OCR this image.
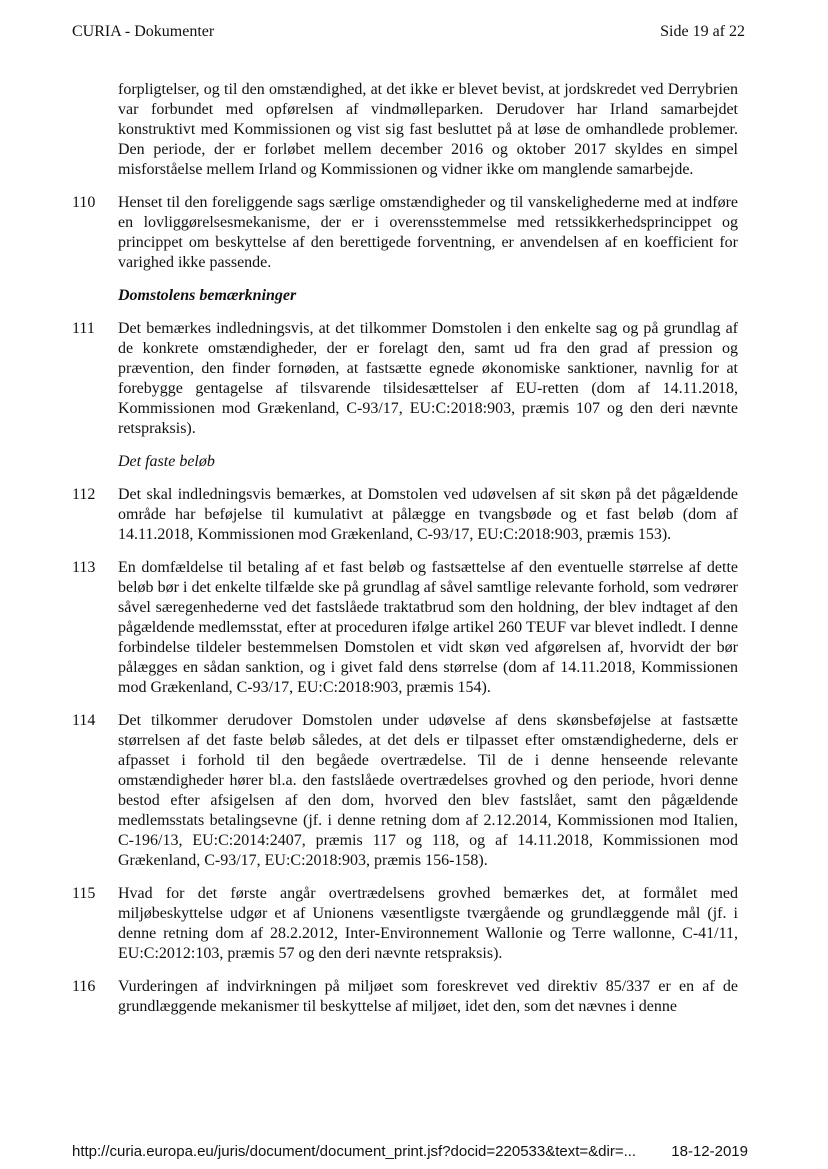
CURIA - Dokumenter	Side 19 af 22

forpligtelser, og til den omstændighed, at det ikke er blevet bevist, at jordskredet ved Derrybrien var forbundet med opførelsen af vindmølleparken. Derudover har Irland samarbejdet konstruktivt med Kommissionen og vist sig fast besluttet på at løse de omhandlede problemer. Den periode, der er forløbet mellem december 2016 og oktober 2017 skyldes en simpel misforståelse mellem Irland og Kommissionen og vidner ikke om manglende samarbejde.

110	Henset til den foreliggende sags særlige omstændigheder og til vanskelighederne med at indføre en lovliggørelsesmekanisme, der er i overensstemmelse med retssikkerhedsprincippet og princippet om beskyttelse af den berettigede forventning, er anvendelsen af en koefficient for varighed ikke passende.
Domstolens bemærkninger
111	Det bemærkes indledningsvis, at det tilkommer Domstolen i den enkelte sag og på grundlag af de konkrete omstændigheder, der er forelagt den, samt ud fra den grad af pression og prævention, den finder fornøden, at fastsætte egnede økonomiske sanktioner, navnlig for at forebygge gentagelse af tilsvarende tilsidesættelser af EU-retten (dom af 14.11.2018, Kommissionen mod Grækenland, C-93/17, EU:C:2018:903, præmis 107 og den deri nævnte retspraksis).
Det faste beløb
112	Det skal indledningsvis bemærkes, at Domstolen ved udøvelsen af sit skøn på det pågældende område har beføjelse til kumulativt at pålægge en tvangsbøde og et fast beløb (dom af 14.11.2018, Kommissionen mod Grækenland, C-93/17, EU:C:2018:903, præmis 153).
113	En domfældelse til betaling af et fast beløb og fastsættelse af den eventuelle størrelse af dette beløb bør i det enkelte tilfælde ske på grundlag af såvel samtlige relevante forhold, som vedrører såvel særegenhederne ved det fastslåede traktatbrud som den holdning, der blev indtaget af den pågældende medlemsstat, efter at proceduren ifølge artikel 260 TEUF var blevet indledt. I denne forbindelse tildeler bestemmelsen Domstolen et vidt skøn ved afgørelsen af, hvorvidt der bør pålægges en sådan sanktion, og i givet fald dens størrelse (dom af 14.11.2018, Kommissionen mod Grækenland, C-93/17, EU:C:2018:903, præmis 154).
114	Det tilkommer derudover Domstolen under udøvelse af dens skønsbeføjelse at fastsætte størrelsen af det faste beløb således, at det dels er tilpasset efter omstændighederne, dels er afpasset i forhold til den begåede overtrædelse. Til de i denne henseende relevante omstændigheder hører bl.a. den fastslåede overtrædelses grovhed og den periode, hvori denne bestod efter afsigelsen af den dom, hvorved den blev fastslået, samt den pågældende medlemsstats betalingsevne (jf. i denne retning dom af 2.12.2014, Kommissionen mod Italien, C-196/13, EU:C:2014:2407, præmis 117 og 118, og af 14.11.2018, Kommissionen mod Grækenland, C-93/17, EU:C:2018:903, præmis 156-158).
115	Hvad for det første angår overtrædelsens grovhed bemærkes det, at formålet med miljøbeskyttelse udgør et af Unionens væsentligste tværgående og grundlæggende mål (jf. i denne retning dom af 28.2.2012, Inter-Environnement Wallonie og Terre wallonne, C-41/11, EU:C:2012:103, præmis 57 og den deri nævnte retspraksis).
116	Vurderingen af indvirkningen på miljøet som foreskrevet ved direktiv 85/337 er en af de grundlæggende mekanismer til beskyttelse af miljøet, idet den, som det nævnes i denne
http://curia.europa.eu/juris/document/document_print.jsf?docid=220533&text=&dir=... 18-12-2019
